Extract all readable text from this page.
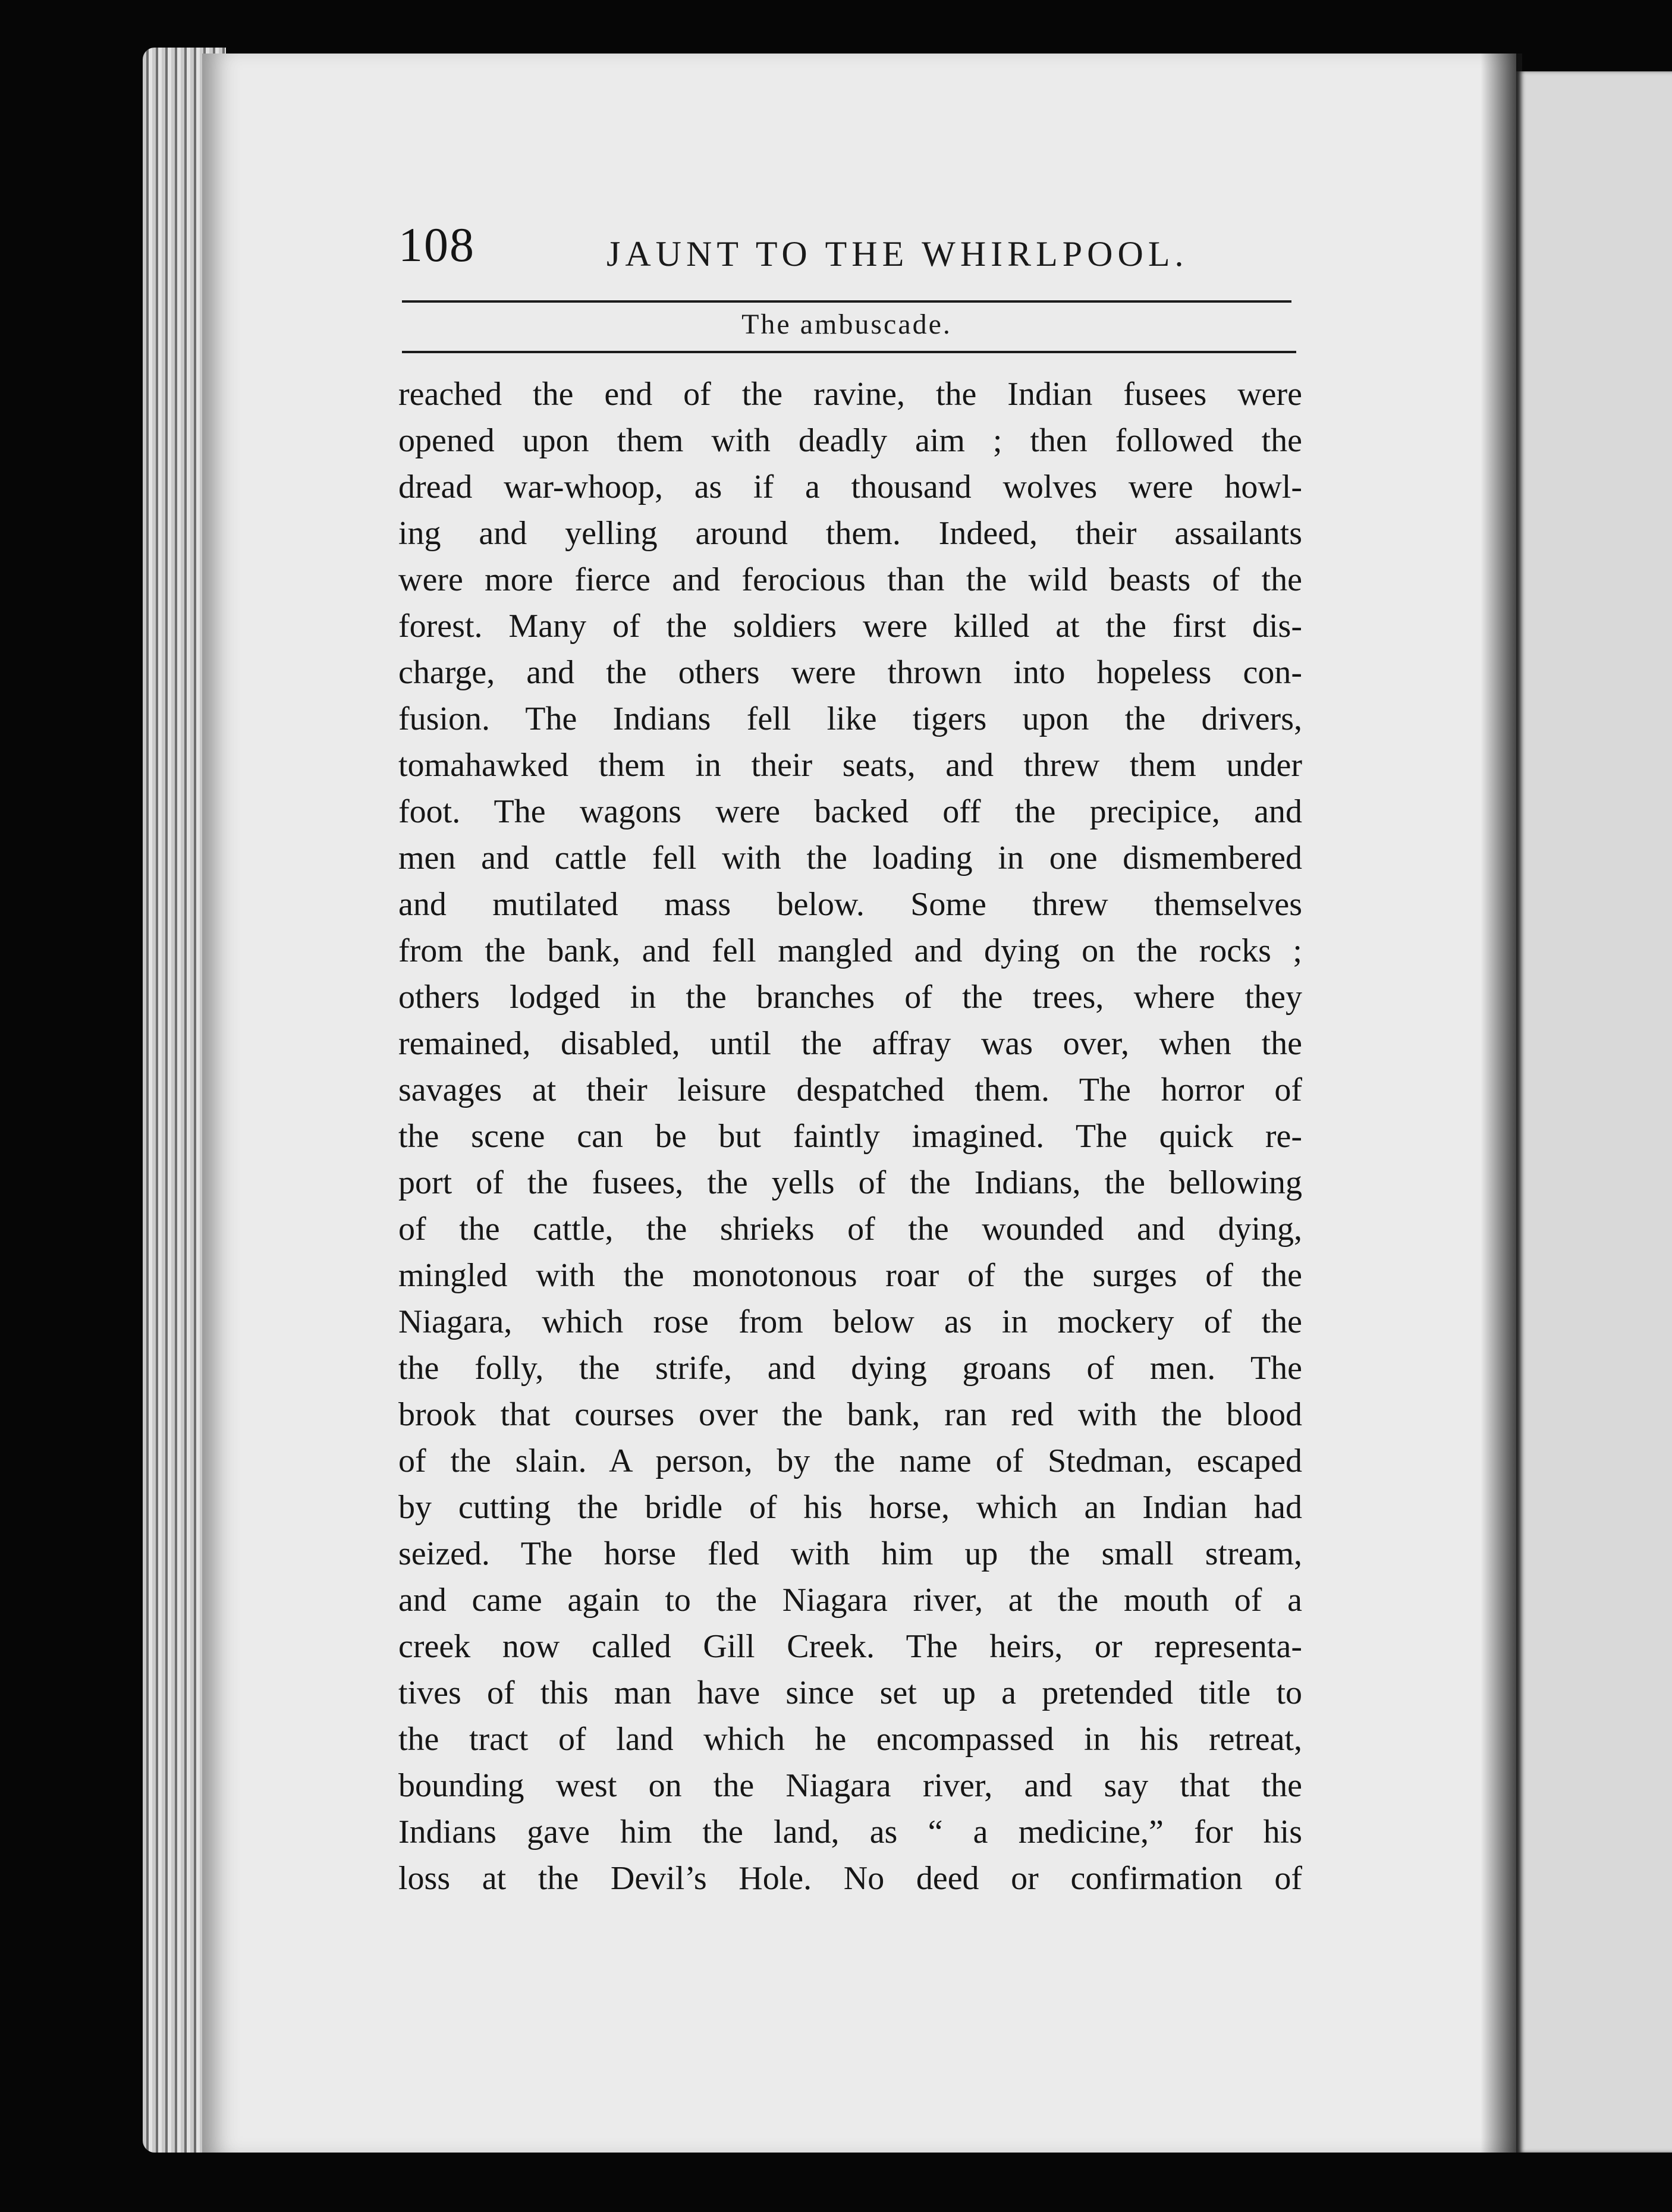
108	JAUNT TO THE WHIRLPOOL.
The ambuscade.
reached the end of the ravine, the Indian fusees were
opened upon them with deadly aim ; then followed the
dread war-whoop, as if a thousand wolves were howl-
ing and yelling around them. Indeed, their assailants
were more fierce and ferocious than the wild beasts of the
forest. Many of the soldiers were killed at the first dis-
charge, and the others were thrown into hopeless con-
fusion. The Indians fell like tigers upon the drivers,
tomahawked them in their seats, and threw them under
foot. The wagons were backed off the precipice, and
men and cattle fell with the loading in one dismembered
and mutilated mass below. Some threw themselves
from the bank, and fell mangled and dying on the rocks ;
others lodged in the branches of the trees, where they
remained, disabled, until the affray was over, when the
savages at their leisure despatched them. The horror of
the scene can be but faintly imagined. The quick re-
port of the fusees, the yells of the Indians, the bellowing
of the cattle, the shrieks of the wounded and dying,
mingled with the monotonous roar of the surges of the
Niagara, which rose from below as in mockery of the
the folly, the strife, and dying groans of men. The
brook that courses over the bank, ran red with the blood
of the slain. A person, by the name of Stedman, escaped
by cutting the bridle of his horse, which an Indian had
seized. The horse fled with him up the small stream,
and came again to the Niagara river, at the mouth of a
creek now called Gill Creek. The heirs, or representa-
tives of this man have since set up a pretended title to
the tract of land which he encompassed in his retreat,
bounding west on the Niagara river, and say that the
Indians gave him the land, as “ a medicine,” for his
loss at the Devil’s Hole. No deed or confirmation of
